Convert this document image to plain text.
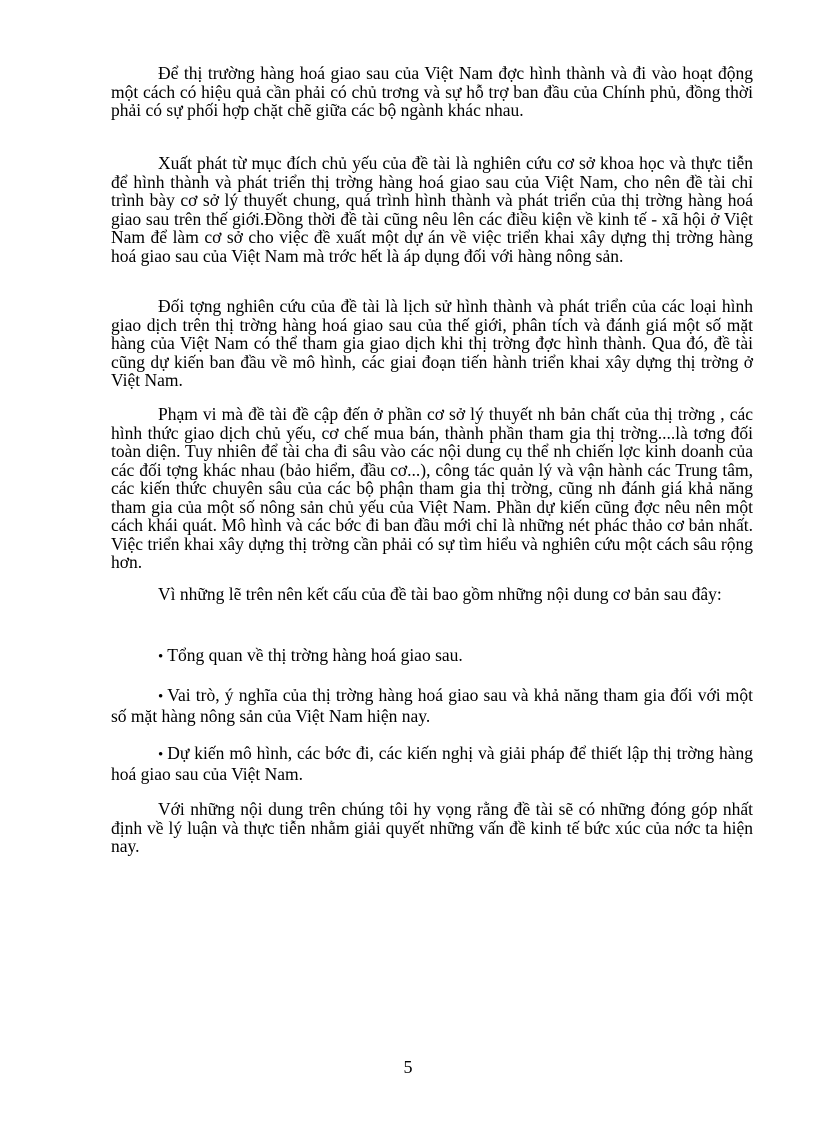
Để thị trường hàng hoá giao sau của Việt Nam đợc hình thành và đi vào hoạt động một cách có hiệu quả cần phải có chủ trơng và sự hỗ trợ ban đầu của Chính phủ, đồng thời phải có sự phối hợp chặt chẽ giữa các bộ ngành khác nhau.

Xuất phát từ mục đích chủ yếu của đề tài là nghiên cứu cơ sở khoa học và thực tiễn để hình thành và phát triển thị trờng hàng hoá giao sau của Việt Nam, cho nên đề tài chỉ trình bày cơ sở lý thuyết chung, quá trình hình thành và phát triển của thị trờng hàng hoá giao sau trên thế giới.Đồng thời đề tài cũng nêu lên các điều kiện về kinh tế - xã hội ở Việt Nam để làm cơ sở cho việc đề xuất một dự án về việc triển khai xây dựng thị trờng hàng hoá giao sau của Việt Nam mà trớc hết là áp dụng đối với hàng nông sản.

Đối tợng nghiên cứu của đề tài là lịch sử hình thành và phát triển của các loại hình giao dịch trên thị trờng hàng hoá giao sau của thế giới, phân tích và đánh giá một số mặt hàng của Việt Nam có thể tham gia giao dịch khi thị trờng đợc hình thành. Qua đó, đề tài cũng dự kiến ban đầu về mô hình, các giai đoạn tiến hành triển khai xây dựng thị trờng ở Việt Nam.

Phạm vi mà đề tài đề cập đến ở phần cơ sở lý thuyết nh bản chất của thị trờng , các hình thức giao dịch chủ yếu, cơ chế mua bán, thành phần tham gia thị trờng....là tơng đối toàn diện. Tuy nhiên để tài cha đi sâu vào các nội dung cụ thể nh chiến lợc kinh doanh của các đối tợng khác nhau (bảo hiểm, đầu cơ...), công tác quản lý và vận hành các Trung tâm, các kiến thức chuyên sâu của các bộ phận tham gia thị trờng, cũng nh đánh giá khả năng tham gia của một số nông sản chủ yếu của Việt Nam. Phần dự kiến cũng đợc nêu nên một cách khái quát. Mô hình và các bớc đi ban đầu mới chỉ là những nét phác thảo cơ bản nhất. Việc triển khai xây dựng thị trờng cần phải có sự tìm hiểu và nghiên cứu một cách sâu rộng hơn.

Vì những lẽ trên nên kết cấu của đề tài bao gồm những nội dung cơ bản sau đây:

• Tổng quan về thị trờng hàng hoá giao sau.

• Vai trò, ý nghĩa của thị trờng hàng hoá giao sau và khả năng tham gia đối với một số mặt hàng nông sản của Việt Nam hiện nay.

• Dự kiến mô hình, các bớc đi, các kiến nghị và giải pháp để thiết lập thị trờng hàng hoá giao sau của Việt Nam.

Với những nội dung trên chúng tôi hy vọng rằng đề tài sẽ có những đóng góp nhất định về lý luận và thực tiễn nhằm giải quyết những vấn đề kinh tế bức xúc của nớc ta hiện nay.

5
